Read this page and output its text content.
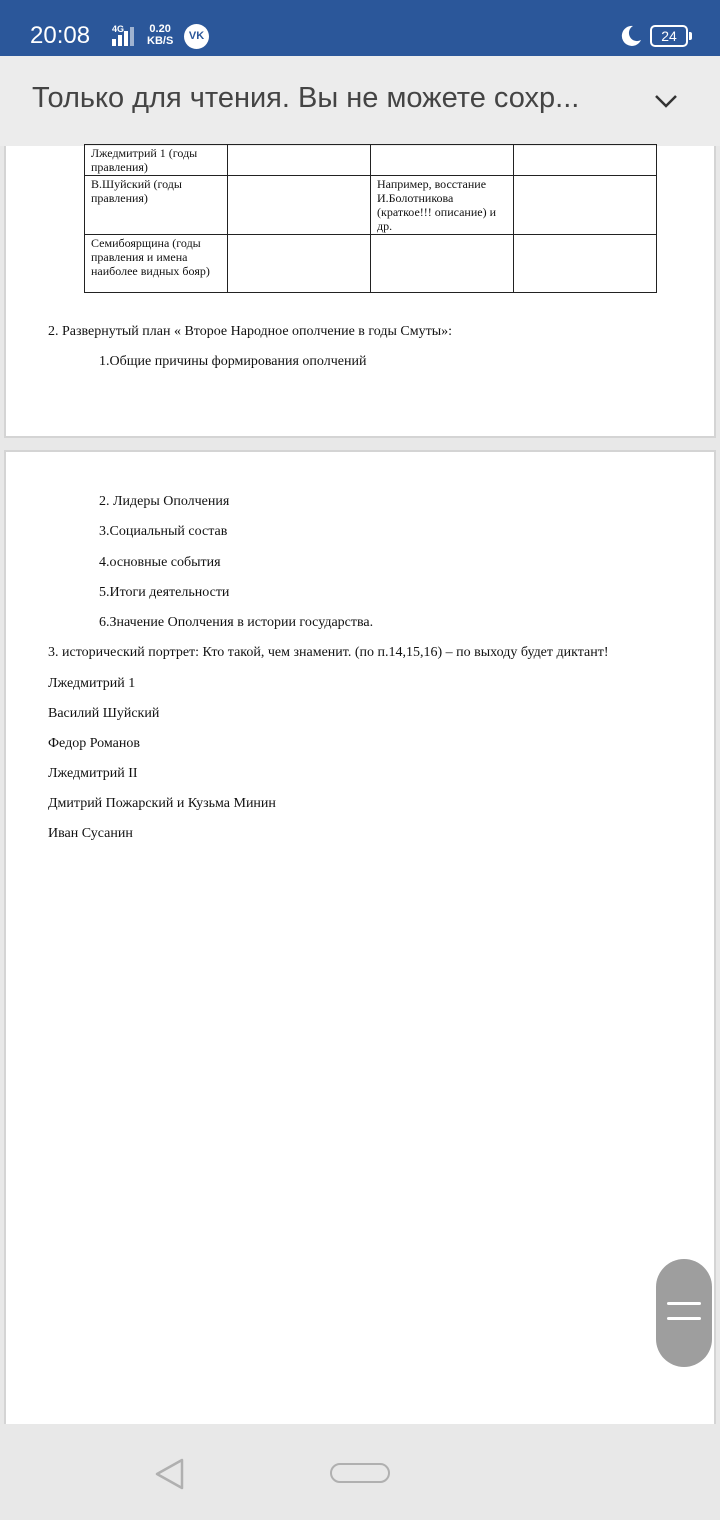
20:08 4G 0.20
KB/S	VK	24
Только для чтения. Вы не можете сохр...
Лжедмитрий 1 (годы правления)			
В.Шуйский (годы правления)		Например, восстание И.Болотникова (краткое!!! описание) и др.	
Семибоярщина (годы правления и имена наиболее видных бояр)			
2. Развернутый план « Второе Народное ополчение в годы Смуты»:
1.Общие причины формирования ополчений
2. Лидеры Ополчения
3.Социальный состав
4.основные события
5.Итоги деятельности
6.Значение Ополчения в истории государства.
3. исторический портрет: Кто такой, чем знаменит. (по п.14,15,16) – по выходу будет диктант!
Лжедмитрий 1
Василий Шуйский
Федор Романов
Лжедмитрий II
Дмитрий Пожарский и Кузьма Минин
Иван Сусанин
